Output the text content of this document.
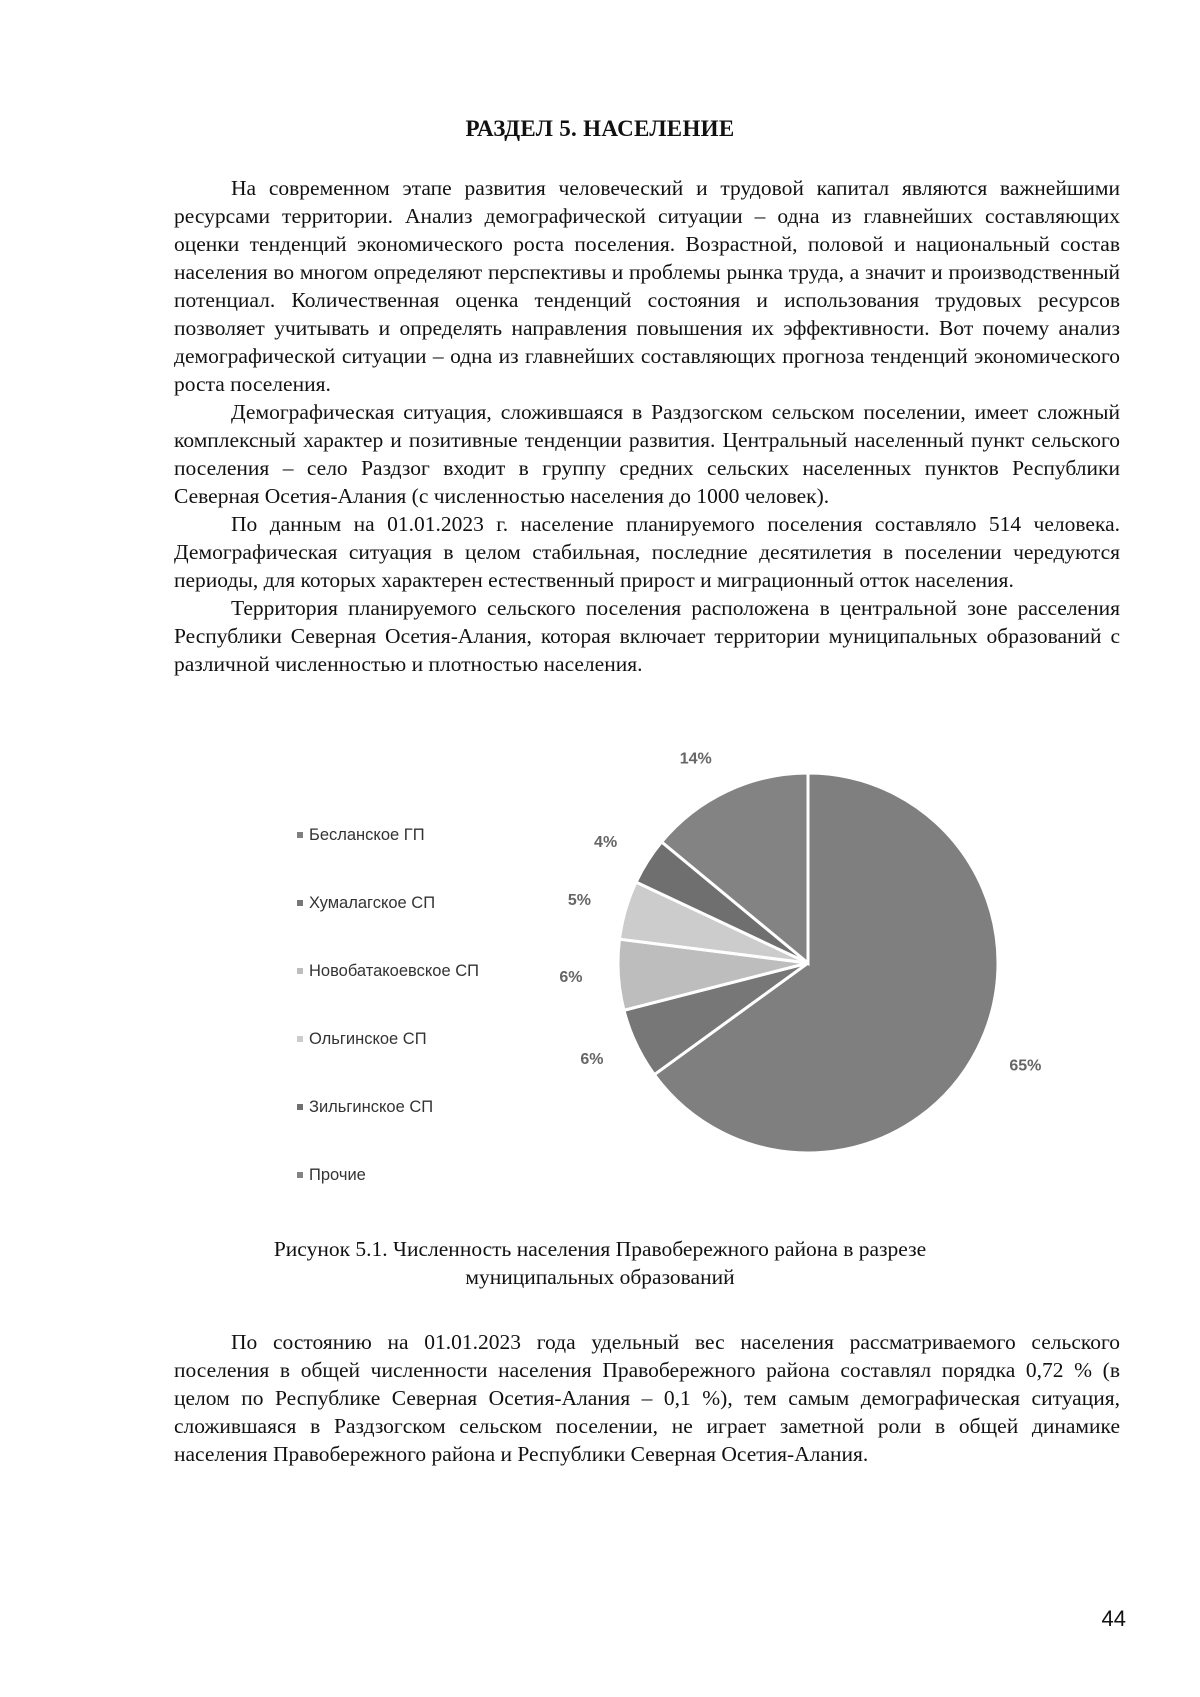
РАЗДЕЛ 5. НАСЕЛЕНИЕ

На современном этапе развития человеческий и трудовой капитал являются важнейшими ресурсами территории. Анализ демографической ситуации – одна из главнейших составляющих оценки тенденций экономического роста поселения. Возрастной, половой и национальный состав населения во многом определяют перспективы и проблемы рынка труда, а значит и производственный потенциал. Количественная оценка тенденций состояния и использования трудовых ресурсов позволяет учитывать и определять направления повышения их эффективности. Вот почему анализ демографической ситуации – одна из главнейших составляющих прогноза тенденций экономического роста поселения.

Демографическая ситуация, сложившаяся в Раздзогском сельском поселении, имеет сложный комплексный характер и позитивные тенденции развития. Центральный населенный пункт сельского поселения – село Раздзог входит в группу средних сельских населенных пунктов Республики Северная Осетия-Алания (с численностью населения до 1000 человек).

По данным на 01.01.2023 г. население планируемого поселения составляло 514 человека. Демографическая ситуация в целом стабильная, последние десятилетия в поселении чередуются периоды, для которых характерен естественный прирост и миграционный отток населения.

Территория планируемого сельского поселения расположена в центральной зоне расселения Республики Северная Осетия-Алания, которая включает территории муниципальных образований с различной численностью и плотностью населения.

Бесланское ГП
Хумалагское СП
Новобатакоевское СП
Ольгинское СП
Зильгинское СП
Прочие
65%
6%
6%
5%
4%
14%
Рисунок 5.1. Численность населения Правобережного района в разрезе
муниципальных образований

По состоянию на 01.01.2023 года удельный вес населения рассматриваемого сельского поселения в общей численности населения Правобережного района составлял порядка 0,72 % (в целом по Республике Северная Осетия-Алания – 0,1 %), тем самым демографическая ситуация, сложившаяся в Раздзогском сельском поселении, не играет заметной роли в общей динамике населения Правобережного района и Республики Северная Осетия-Алания.

44
